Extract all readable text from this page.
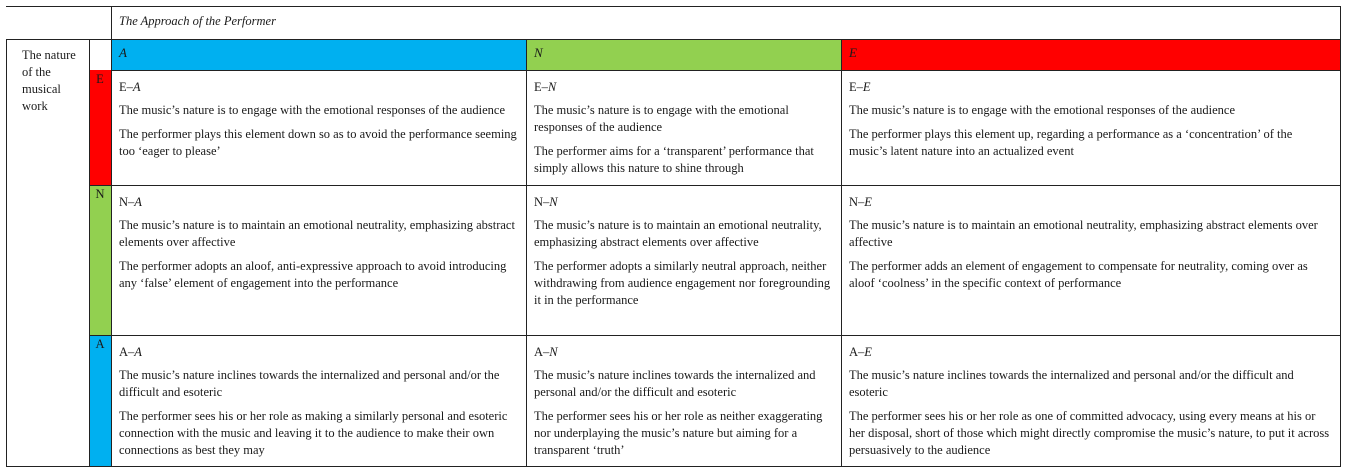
A	N	E
E
N
A
The Approach of the Performer
The nature of the musical work
E–A

The music’s nature is to engage with the emotional responses of the audience

The performer plays this element down so as to avoid the performance seeming too ‘eager to please’

E–N

The music’s nature is to engage with the emotional responses of the audience

The performer aims for a ‘transparent’ performance that simply allows this nature to shine through

E–E

The music’s nature is to engage with the emotional responses of the audience

The performer plays this element up, regarding a performance as a ‘concentration’ of the music’s latent nature into an actualized event

N–A

The music’s nature is to maintain an emotional neutrality, emphasizing abstract elements over affective

The performer adopts an aloof, anti-expressive approach to avoid introducing any ‘false’ element of engagement into the performance

N–N

The music’s nature is to maintain an emotional neutrality, emphasizing abstract elements over affective

The performer adopts a similarly neutral approach, neither withdrawing from audience engagement nor foregrounding it in the performance

N–E

The music’s nature is to maintain an emotional neutrality, emphasizing abstract elements over affective

The performer adds an element of engagement to compensate for neutrality, coming over as aloof ‘coolness’ in the specific context of performance

A–A

The music’s nature inclines towards the internalized and personal and/or the difficult and esoteric

The performer sees his or her role as making a similarly personal and esoteric connection with the music and leaving it to the audience to make their own connections as best they may

A–N

The music’s nature inclines towards the internalized and personal and/or the difficult and esoteric

The performer sees his or her role as neither exaggerating nor underplaying the music’s nature but aiming for a transparent ‘truth’

A–E

The music’s nature inclines towards the internalized and personal and/or the difficult and esoteric

The performer sees his or her role as one of committed advocacy, using every means at his or her disposal, short of those which might directly compromise the music’s nature, to put it across persuasively to the audience
